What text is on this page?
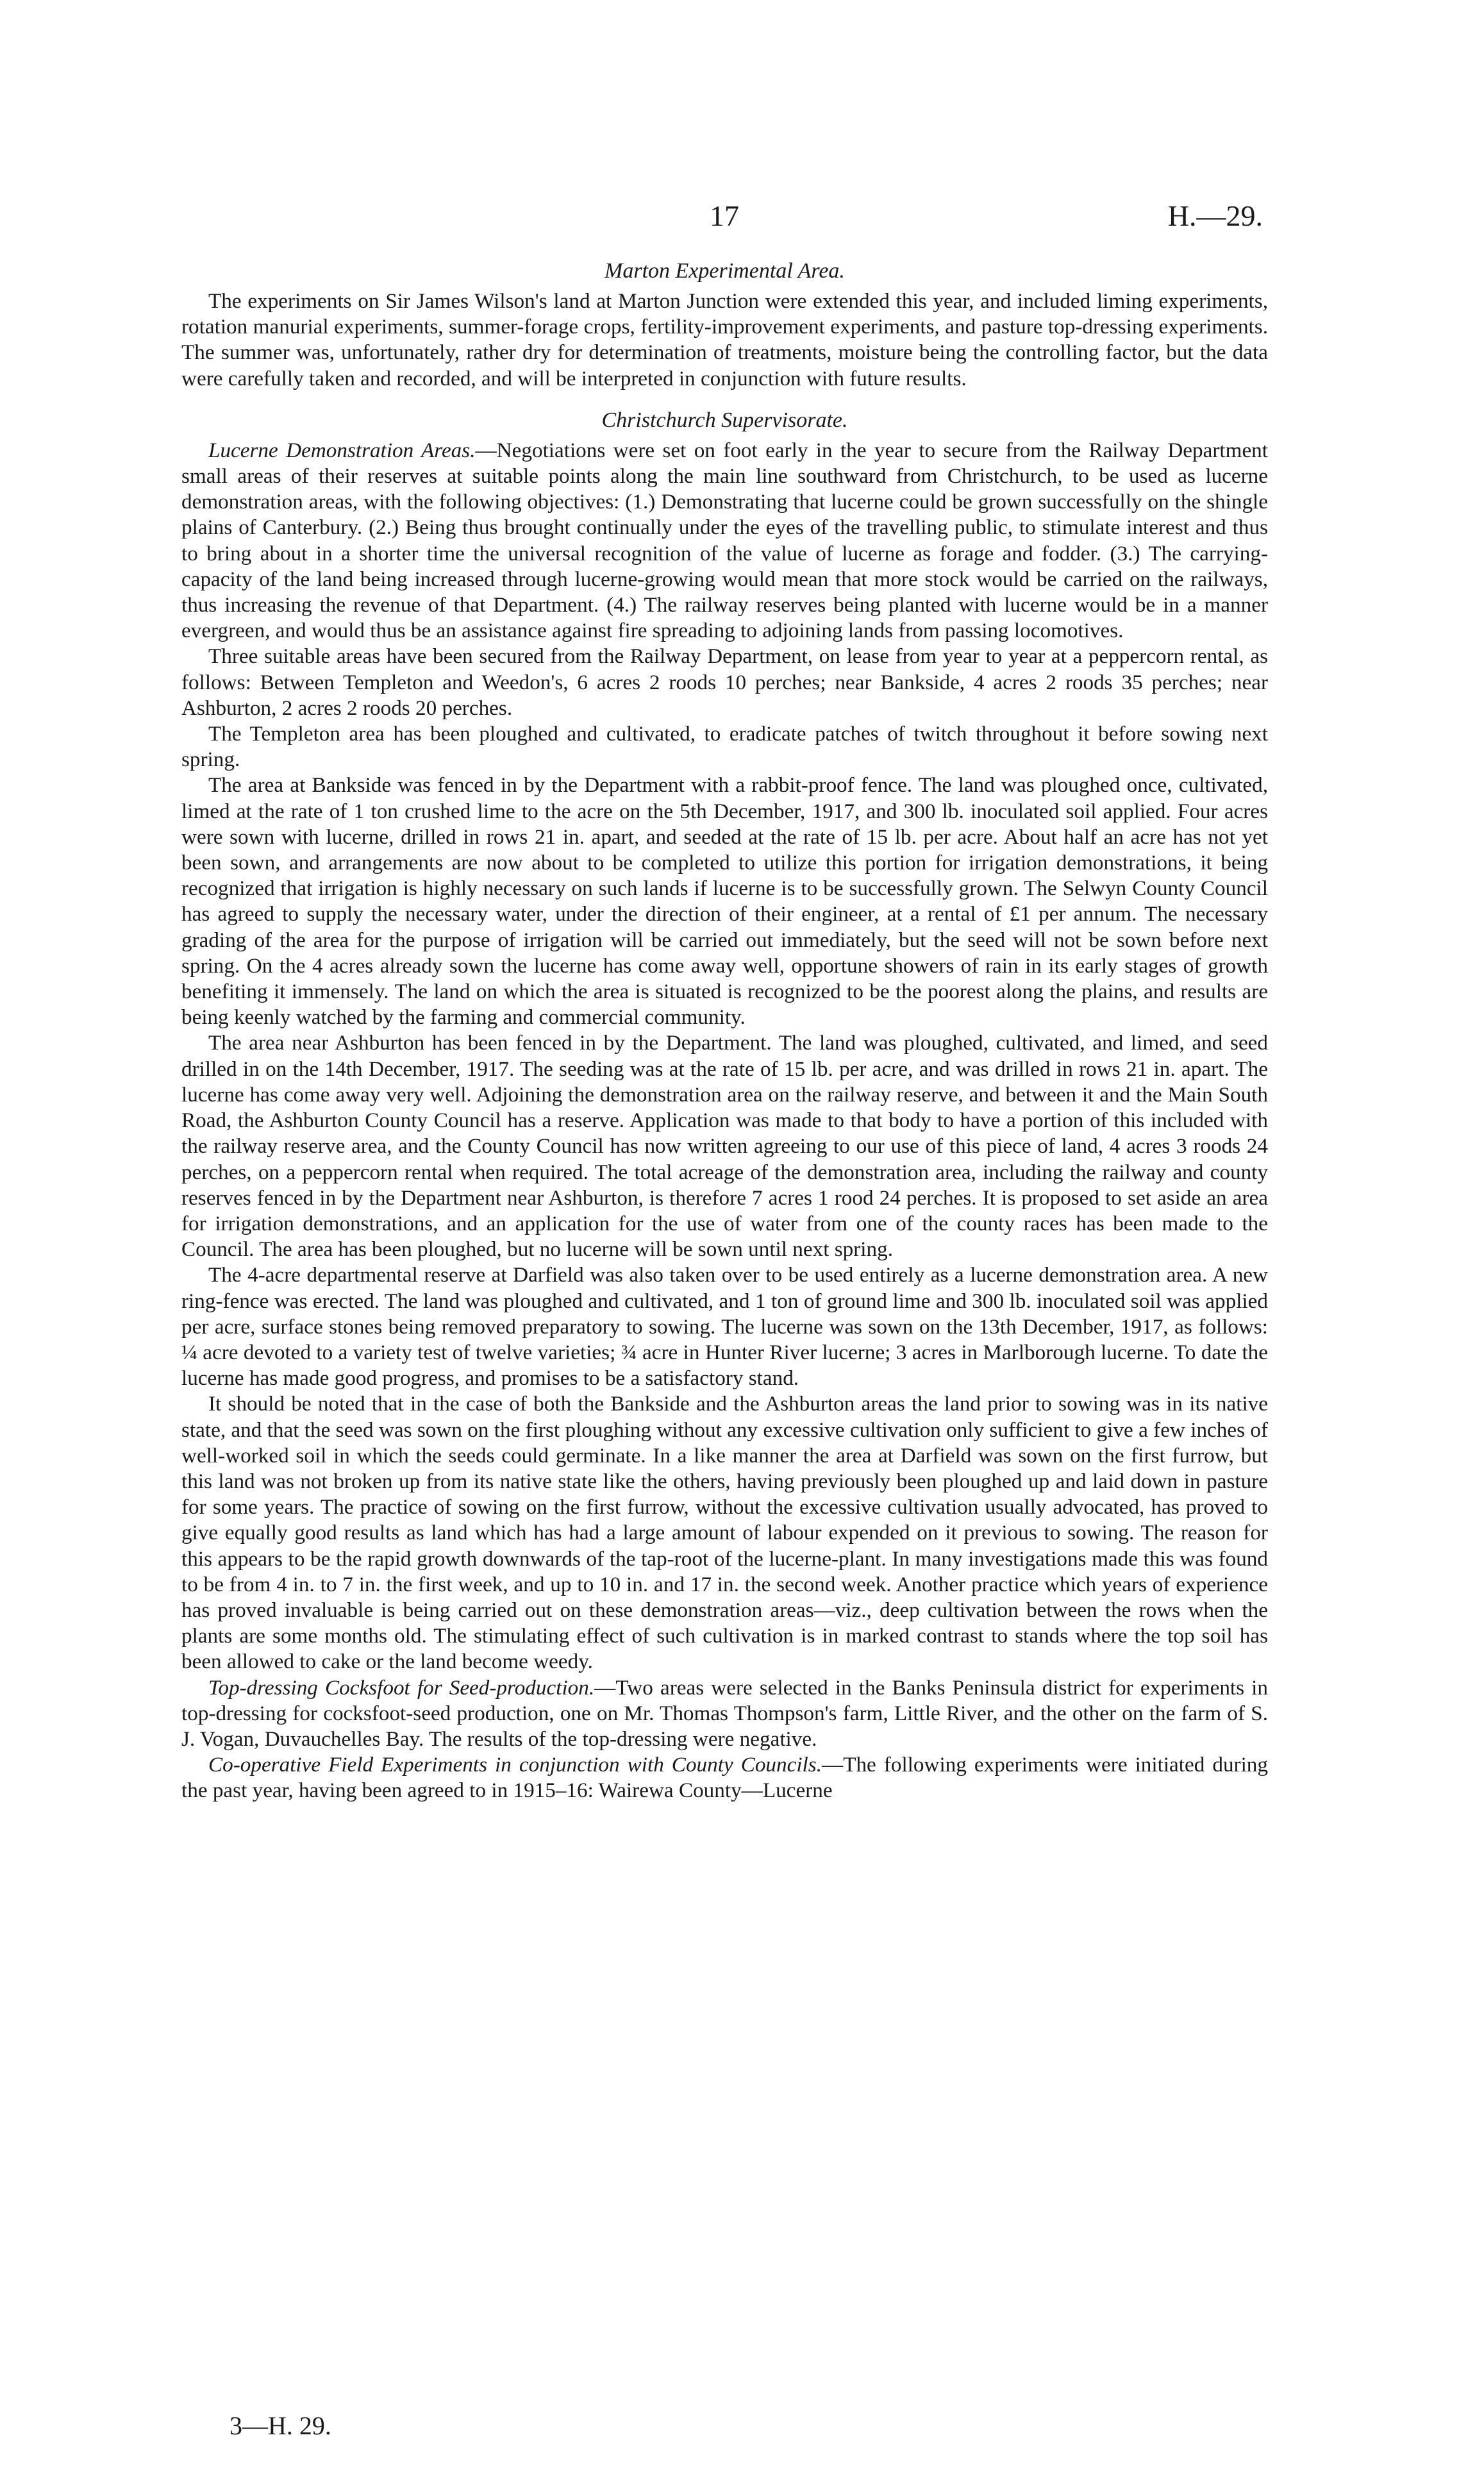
17	H.—29.
Marton Experimental Area.

The experiments on Sir James Wilson's land at Marton Junction were extended this year, and included liming experiments, rotation manurial experiments, summer-forage crops, fertility-improvement experiments, and pasture top-dressing experiments. The summer was, unfortunately, rather dry for determination of treatments, moisture being the controlling factor, but the data were carefully taken and recorded, and will be interpreted in conjunction with future results.

Christchurch Supervisorate.

Lucerne Demonstration Areas.—Negotiations were set on foot early in the year to secure from the Railway Department small areas of their reserves at suitable points along the main line southward from Christchurch, to be used as lucerne demonstration areas, with the following objectives: (1.) Demonstrating that lucerne could be grown successfully on the shingle plains of Canterbury. (2.) Being thus brought continually under the eyes of the travelling public, to stimulate interest and thus to bring about in a shorter time the universal recognition of the value of lucerne as forage and fodder. (3.) The carrying-capacity of the land being increased through lucerne-growing would mean that more stock would be carried on the railways, thus increasing the revenue of that Department. (4.) The railway reserves being planted with lucerne would be in a manner evergreen, and would thus be an assistance against fire spreading to adjoining lands from passing locomotives.

Three suitable areas have been secured from the Railway Department, on lease from year to year at a peppercorn rental, as follows: Between Templeton and Weedon's, 6 acres 2 roods 10 perches; near Bankside, 4 acres 2 roods 35 perches; near Ashburton, 2 acres 2 roods 20 perches.

The Templeton area has been ploughed and cultivated, to eradicate patches of twitch throughout it before sowing next spring.

The area at Bankside was fenced in by the Department with a rabbit-proof fence. The land was ploughed once, cultivated, limed at the rate of 1 ton crushed lime to the acre on the 5th December, 1917, and 300 lb. inoculated soil applied. Four acres were sown with lucerne, drilled in rows 21 in. apart, and seeded at the rate of 15 lb. per acre. About half an acre has not yet been sown, and arrangements are now about to be completed to utilize this portion for irrigation demonstrations, it being recognized that irrigation is highly necessary on such lands if lucerne is to be successfully grown. The Selwyn County Council has agreed to supply the necessary water, under the direction of their engineer, at a rental of £1 per annum. The necessary grading of the area for the purpose of irrigation will be carried out immediately, but the seed will not be sown before next spring. On the 4 acres already sown the lucerne has come away well, opportune showers of rain in its early stages of growth benefiting it immensely. The land on which the area is situated is recognized to be the poorest along the plains, and results are being keenly watched by the farming and commercial community.

The area near Ashburton has been fenced in by the Department. The land was ploughed, cultivated, and limed, and seed drilled in on the 14th December, 1917. The seeding was at the rate of 15 lb. per acre, and was drilled in rows 21 in. apart. The lucerne has come away very well. Adjoining the demonstration area on the railway reserve, and between it and the Main South Road, the Ashburton County Council has a reserve. Application was made to that body to have a portion of this included with the railway reserve area, and the County Council has now written agreeing to our use of this piece of land, 4 acres 3 roods 24 perches, on a peppercorn rental when required. The total acreage of the demonstration area, including the railway and county reserves fenced in by the Department near Ashburton, is therefore 7 acres 1 rood 24 perches. It is proposed to set aside an area for irrigation demonstrations, and an application for the use of water from one of the county races has been made to the Council. The area has been ploughed, but no lucerne will be sown until next spring.

The 4-acre departmental reserve at Darfield was also taken over to be used entirely as a lucerne demonstration area. A new ring-fence was erected. The land was ploughed and cultivated, and 1 ton of ground lime and 300 lb. inoculated soil was applied per acre, surface stones being removed preparatory to sowing. The lucerne was sown on the 13th December, 1917, as follows: ¼ acre devoted to a variety test of twelve varieties; ¾ acre in Hunter River lucerne; 3 acres in Marlborough lucerne. To date the lucerne has made good progress, and promises to be a satisfactory stand.

It should be noted that in the case of both the Bankside and the Ashburton areas the land prior to sowing was in its native state, and that the seed was sown on the first ploughing without any excessive cultivation only sufficient to give a few inches of well-worked soil in which the seeds could germinate. In a like manner the area at Darfield was sown on the first furrow, but this land was not broken up from its native state like the others, having previously been ploughed up and laid down in pasture for some years. The practice of sowing on the first furrow, without the excessive cultivation usually advocated, has proved to give equally good results as land which has had a large amount of labour expended on it previous to sowing. The reason for this appears to be the rapid growth downwards of the tap-root of the lucerne-plant. In many investigations made this was found to be from 4 in. to 7 in. the first week, and up to 10 in. and 17 in. the second week. Another practice which years of experience has proved invaluable is being carried out on these demonstration areas—viz., deep cultivation between the rows when the plants are some months old. The stimulating effect of such cultivation is in marked contrast to stands where the top soil has been allowed to cake or the land become weedy.

Top-dressing Cocksfoot for Seed-production.—Two areas were selected in the Banks Peninsula district for experiments in top-dressing for cocksfoot-seed production, one on Mr. Thomas Thompson's farm, Little River, and the other on the farm of S. J. Vogan, Duvauchelles Bay. The results of the top-dressing were negative.

Co-operative Field Experiments in conjunction with County Councils.—The following experiments were initiated during the past year, having been agreed to in 1915–16: Wairewa County—Lucerne

3—H. 29.
